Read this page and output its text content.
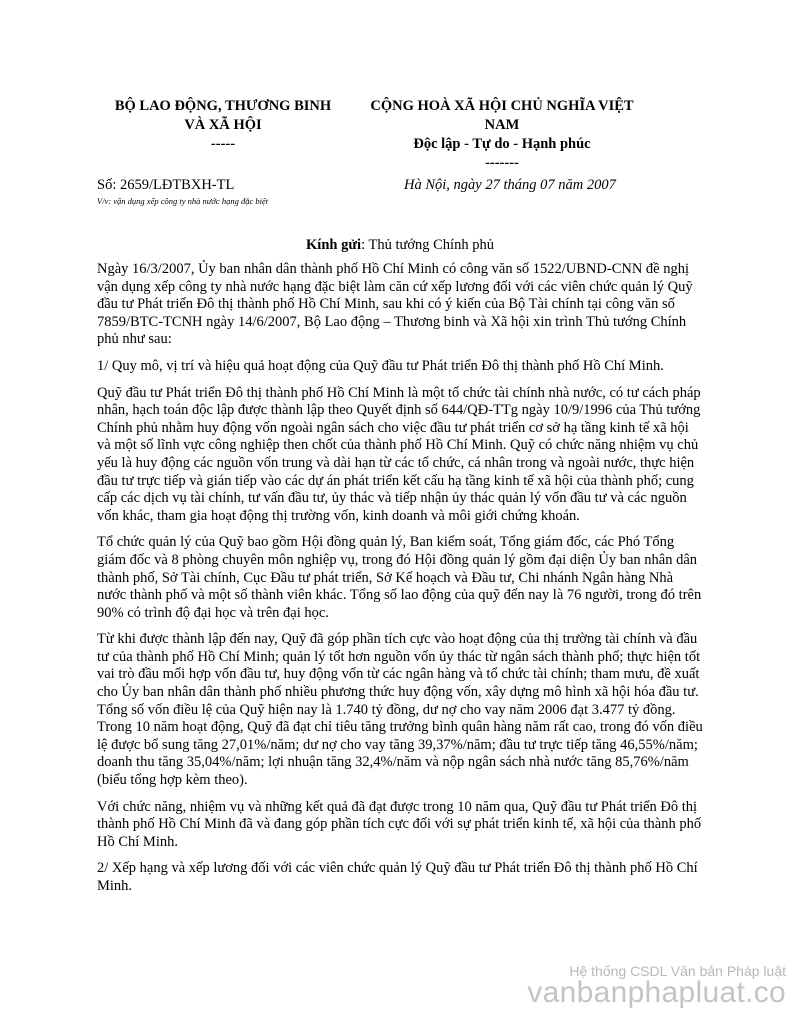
BỘ LAO ĐỘNG, THƯƠNG BINH
VÀ XÃ HỘI
-----
CỘNG HOÀ XÃ HỘI CHỦ NGHĨA VIỆT
NAM
Độc lập - Tự do - Hạnh phúc
-------
Số: 2659/LĐTBXH-TL
V/v: vận dụng xếp công ty nhà nước hạng đặc biệt
Hà Nội, ngày 27 tháng 07 năm 2007
Kính gửi: Thủ tướng Chính phủ

Ngày 16/3/2007, Ủy ban nhân dân thành phố Hồ Chí Minh có công văn số 1522/UBND-CNN đề nghị vận dụng xếp công ty nhà nước hạng đặc biệt làm căn cứ xếp lương đối với các viên chức quản lý Quỹ đầu tư Phát triển Đô thị thành phố Hồ Chí Minh, sau khi có ý kiến của Bộ Tài chính tại công văn số 7859/BTC-TCNH ngày 14/6/2007, Bộ Lao động – Thương binh và Xã hội xin trình Thủ tướng Chính phủ như sau:

1/ Quy mô, vị trí và hiệu quả hoạt động của Quỹ đầu tư Phát triển Đô thị thành phố Hồ Chí Minh.

Quỹ đầu tư Phát triển Đô thị thành phố Hồ Chí Minh là một tổ chức tài chính nhà nước, có tư cách pháp nhân, hạch toán độc lập được thành lập theo Quyết định số 644/QĐ-TTg ngày 10/9/1996 của Thủ tướng Chính phủ nhằm huy động vốn ngoài ngân sách cho việc đầu tư phát triển cơ sở hạ tầng kinh tế xã hội và một số lĩnh vực công nghiệp then chốt của thành phố Hồ Chí Minh. Quỹ có chức năng nhiệm vụ chủ yếu là huy động các nguồn vốn trung và dài hạn từ các tổ chức, cá nhân trong và ngoài nước, thực hiện đầu tư trực tiếp và gián tiếp vào các dự án phát triển kết cấu hạ tầng kinh tế xã hội của thành phố; cung cấp các dịch vụ tài chính, tư vấn đầu tư, ủy thác và tiếp nhận ủy thác quản lý vốn đầu tư và các nguồn vốn khác, tham gia hoạt động thị trường vốn, kinh doanh và môi giới chứng khoán.

Tổ chức quản lý của Quỹ bao gồm Hội đồng quản lý, Ban kiểm soát, Tổng giám đốc, các Phó Tổng giám đốc và 8 phòng chuyên môn nghiệp vụ, trong đó Hội đồng quản lý gồm đại diện Ủy ban nhân dân thành phố, Sở Tài chính, Cục Đầu tư phát triển, Sở Kế hoạch và Đầu tư, Chi nhánh Ngân hàng Nhà nước thành phố và một số thành viên khác. Tổng số lao động của quỹ đến nay là 76 người, trong đó trên 90% có trình độ đại học và trên đại học.

Từ khi được thành lập đến nay, Quỹ đã góp phần tích cực vào hoạt động của thị trường tài chính và đầu tư của thành phố Hồ Chí Minh; quản lý tốt hơn nguồn vốn ủy thác từ ngân sách thành phố; thực hiện tốt vai trò đầu mối hợp vốn đầu tư, huy động vốn từ các ngân hàng và tổ chức tài chính; tham mưu, đề xuất cho Ủy ban nhân dân thành phố nhiều phương thức huy động vốn, xây dựng mô hình xã hội hóa đầu tư. Tổng số vốn điều lệ của Quỹ hiện nay là 1.740 tỷ đồng, dư nợ cho vay năm 2006 đạt 3.477 tỷ đồng. Trong 10 năm hoạt động, Quỹ đã đạt chỉ tiêu tăng trưởng bình quân hàng năm rất cao, trong đó vốn điều lệ được bổ sung tăng 27,01%/năm; dư nợ cho vay tăng 39,37%/năm; đầu tư trực tiếp tăng 46,55%/năm; doanh thu tăng 35,04%/năm; lợi nhuận tăng 32,4%/năm và nộp ngân sách nhà nước tăng 85,76%/năm (biểu tổng hợp kèm theo).

Với chức năng, nhiệm vụ và những kết quả đã đạt được trong 10 năm qua, Quỹ đầu tư Phát triển Đô thị thành phố Hồ Chí Minh đã và đang góp phần tích cực đối với sự phát triển kinh tế, xã hội của thành phố Hồ Chí Minh.

2/ Xếp hạng và xếp lương đối với các viên chức quản lý Quỹ đầu tư Phát triển Đô thị thành phố Hồ Chí Minh.

Hệ thống CSDL Văn bản Pháp luật
vanbanphapluat.co
